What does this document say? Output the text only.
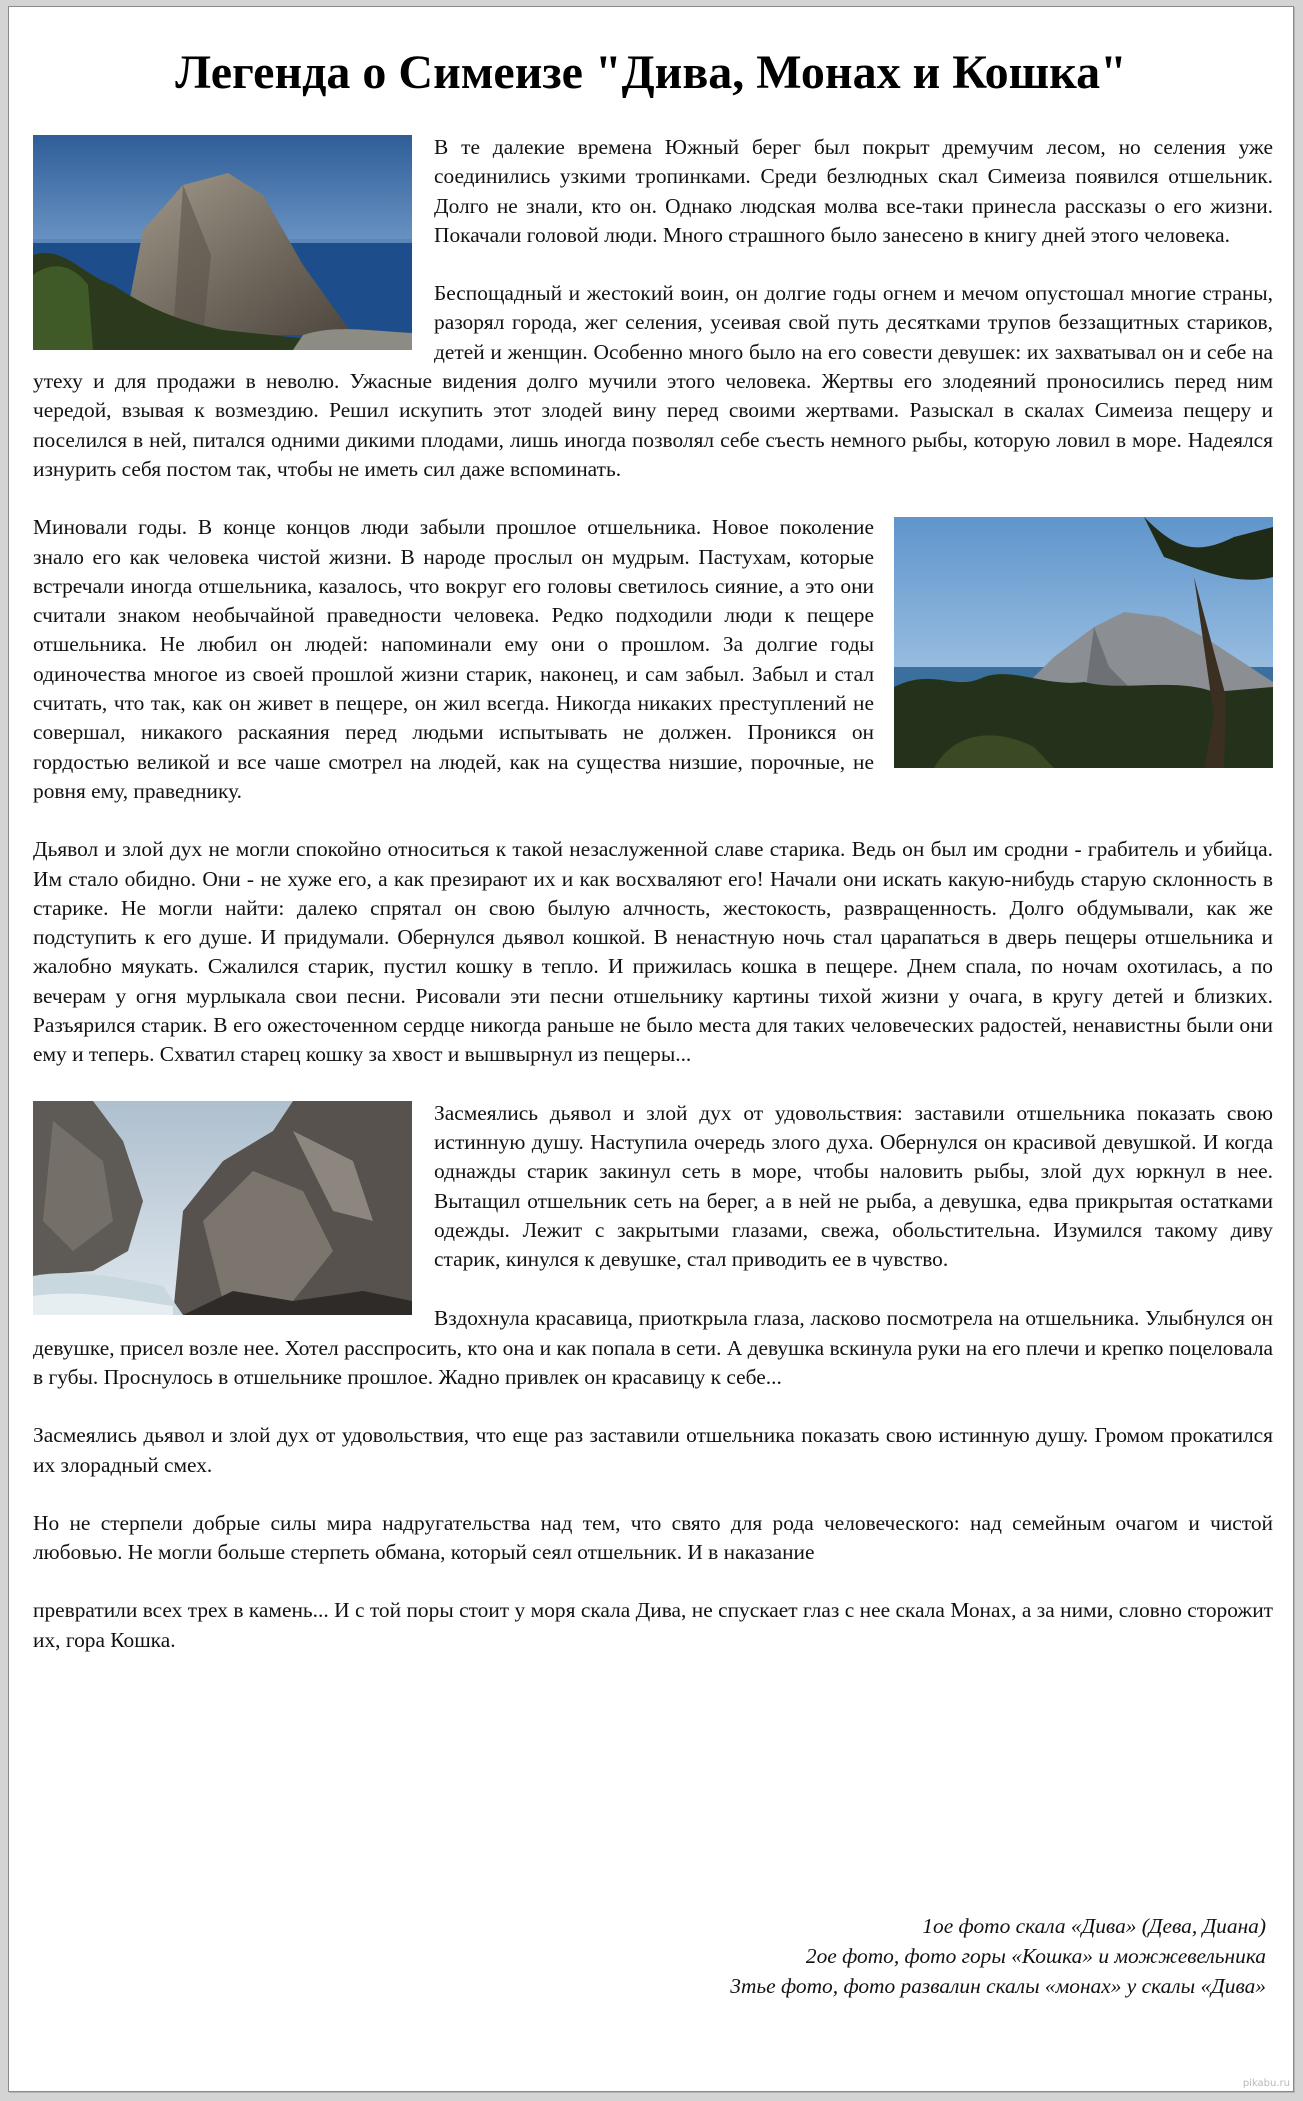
Легенда о Симеизе "Дива, Монах и Кошка"

В те далекие времена Южный берег был покрыт дремучим лесом, но селения уже соединились узкими тропинками. Среди безлюдных скал Симеиза появился отшельник. Долго не знали, кто он. Однако людская молва все-таки принесла рассказы о его жизни. Покачали головой люди. Много страшного было занесено в книгу дней этого человека.

Беспощадный и жестокий воин, он долгие годы огнем и мечом опустошал многие страны, разорял города, жег селения, усеивая свой путь десятками трупов беззащитных стариков, детей и женщин. Особенно много было на его совести девушек: их захватывал он и себе на утеху и для продажи в неволю. Ужасные видения долго мучили этого человека. Жертвы его злодеяний проносились перед ним чередой, взывая к возмездию. Решил искупить этот злодей вину перед своими жертвами. Разыскал в скалах Симеиза пещеру и поселился в ней, питался одними дикими плодами, лишь иногда позволял себе съесть немного рыбы, которую ловил в море. Надеялся изнурить себя постом так, чтобы не иметь сил даже вспоминать.

Миновали годы. В конце концов люди забыли прошлое отшельника. Новое поколение знало его как человека чистой жизни. В народе прослыл он мудрым. Пастухам, которые встречали иногда отшельника, казалось, что вокруг его головы светилось сияние, а это они считали знаком необычайной праведности человека. Редко подходили люди к пещере отшельника. Не любил он людей: напоминали ему они о прошлом. За долгие годы одиночества многое из своей прошлой жизни старик, наконец, и сам забыл. Забыл и стал считать, что так, как он живет в пещере, он жил всегда. Никогда никаких преступлений не совершал, никакого раскаяния перед людьми испытывать не должен. Проникся он гордостью великой и все чаше смотрел на людей, как на существа низшие, порочные, не ровня ему, праведнику.

Дьявол и злой дух не могли спокойно относиться к такой незаслуженной славе старика. Ведь он был им сродни - грабитель и убийца. Им стало обидно. Они - не хуже его, а как презирают их и как восхваляют его! Начали они искать какую-нибудь старую склонность в старике. Не могли найти: далеко спрятал он свою былую алчность, жестокость, развращенность. Долго обдумывали, как же подступить к его душе. И придумали. Обернулся дьявол кошкой. В ненастную ночь стал царапаться в дверь пещеры отшельника и жалобно мяукать. Сжалился старик, пустил кошку в тепло. И прижилась кошка в пещере. Днем спала, по ночам охотилась, а по вечерам у огня мурлыкала свои песни. Рисовали эти песни отшельнику картины тихой жизни у очага, в кругу детей и близких. Разъярился старик. В его ожесточенном сердце никогда раньше не было места для таких человеческих радостей, ненавистны были они ему и теперь. Схватил старец кошку за хвост и вышвырнул из пещеры...

Засмеялись дьявол и злой дух от удовольствия: заставили отшельника показать свою истинную душу. Наступила очередь злого духа. Обернулся он красивой девушкой. И когда однажды старик закинул сеть в море, чтобы наловить рыбы, злой дух юркнул в нее. Вытащил отшельник сеть на берег, а в ней не рыба, а девушка, едва прикрытая остатками одежды. Лежит с закрытыми глазами, свежа, обольстительна. Изумился такому диву старик, кинулся к девушке, стал приводить ее в чувство.

Вздохнула красавица, приоткрыла глаза, ласково посмотрела на отшельника. Улыбнулся он девушке, присел возле нее. Хотел расспросить, кто она и как попала в сети. А девушка вскинула руки на его плечи и крепко поцеловала в губы. Проснулось в отшельнике прошлое. Жадно привлек он красавицу к себе...

Засмеялись дьявол и злой дух от удовольствия, что еще раз заставили отшельника показать свою истинную душу. Громом прокатился их злорадный смех.

Но не стерпели добрые силы мира надругательства над тем, что свято для рода человеческого: над семейным очагом и чистой любовью. Не могли больше стерпеть обмана, который сеял отшельник. И в наказание

превратили всех трех в камень... И с той поры стоит у моря скала Дива, не спускает глаз с нее скала Монах, а за ними, словно сторожит их, гора Кошка.

1ое фото скала «Дива» (Дева, Диана)
2ое фото, фото горы «Кошка» и можжевельника
3тье фото, фото развалин скалы «монах» у скалы «Дива»
pikabu.ru
